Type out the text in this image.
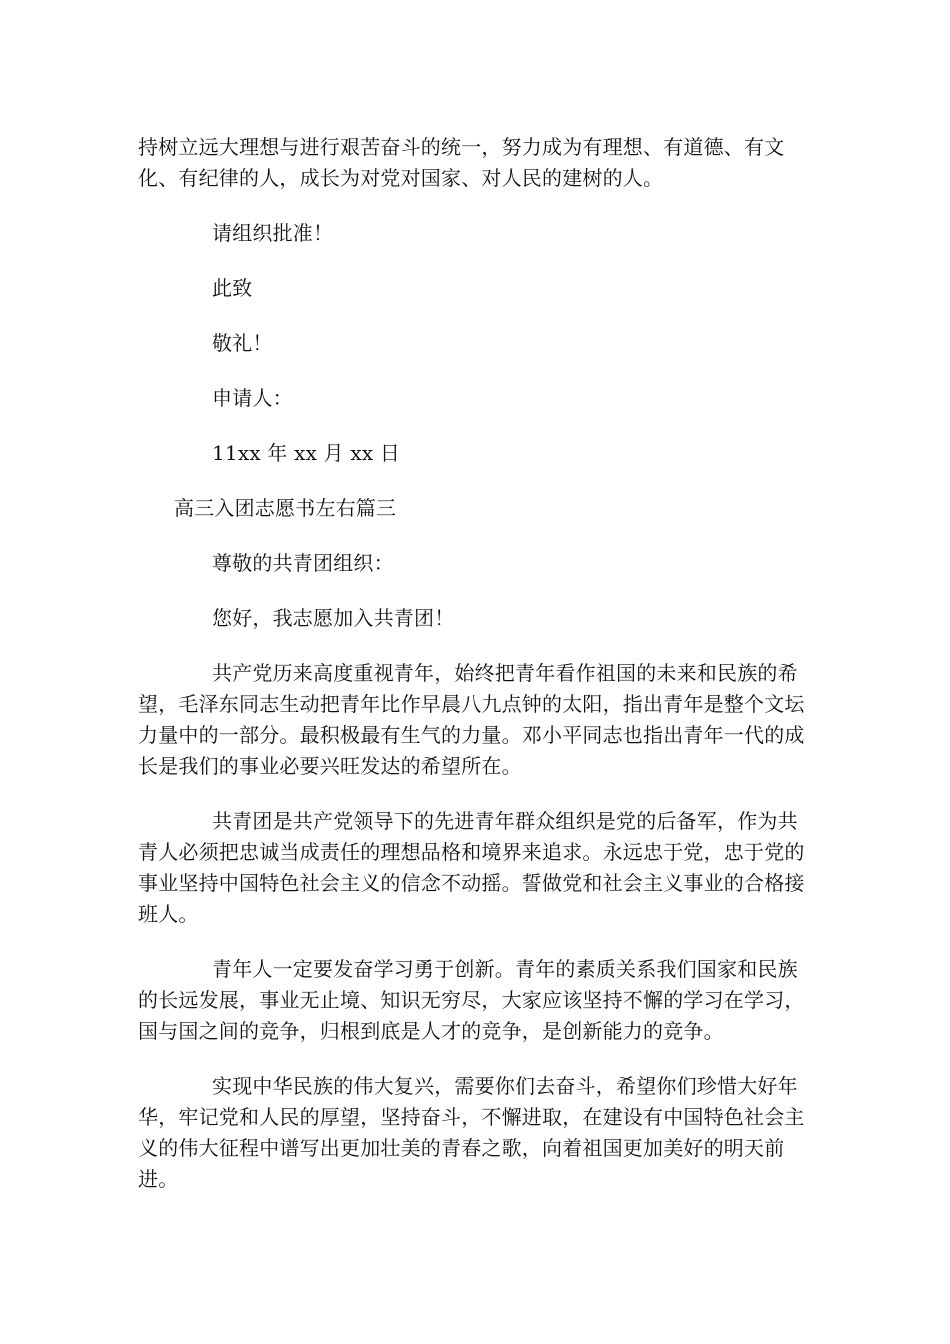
持树立远大理想与进行艰苦奋斗的统一，努力成为有理想、有道德、有文化、有纪律的人，成长为对党对国家、对人民的建树的人。

请组织批准！

此致

敬礼！

申请人：

11xx 年 xx 月 xx 日

高三入团志愿书左右篇三

尊敬的共青团组织：

您好，我志愿加入共青团！

共产党历来高度重视青年，始终把青年看作祖国的未来和民族的希望，毛泽东同志生动把青年比作早晨八九点钟的太阳，指出青年是整个文坛力量中的一部分。最积极最有生气的力量。邓小平同志也指出青年一代的成长是我们的事业必要兴旺发达的希望所在。

共青团是共产党领导下的先进青年群众组织是党的后备军，作为共青人必须把忠诚当成责任的理想品格和境界来追求。永远忠于党，忠于党的事业坚持中国特色社会主义的信念不动摇。誓做党和社会主义事业的合格接班人。

青年人一定要发奋学习勇于创新。青年的素质关系我们国家和民族的长远发展，事业无止境、知识无穷尽，大家应该坚持不懈的学习在学习，国与国之间的竞争，归根到底是人才的竞争，是创新能力的竞争。

实现中华民族的伟大复兴，需要你们去奋斗，希望你们珍惜大好年华，牢记党和人民的厚望，坚持奋斗，不懈进取，在建设有中国特色社会主义的伟大征程中谱写出更加壮美的青春之歌，向着祖国更加美好的明天前进。
